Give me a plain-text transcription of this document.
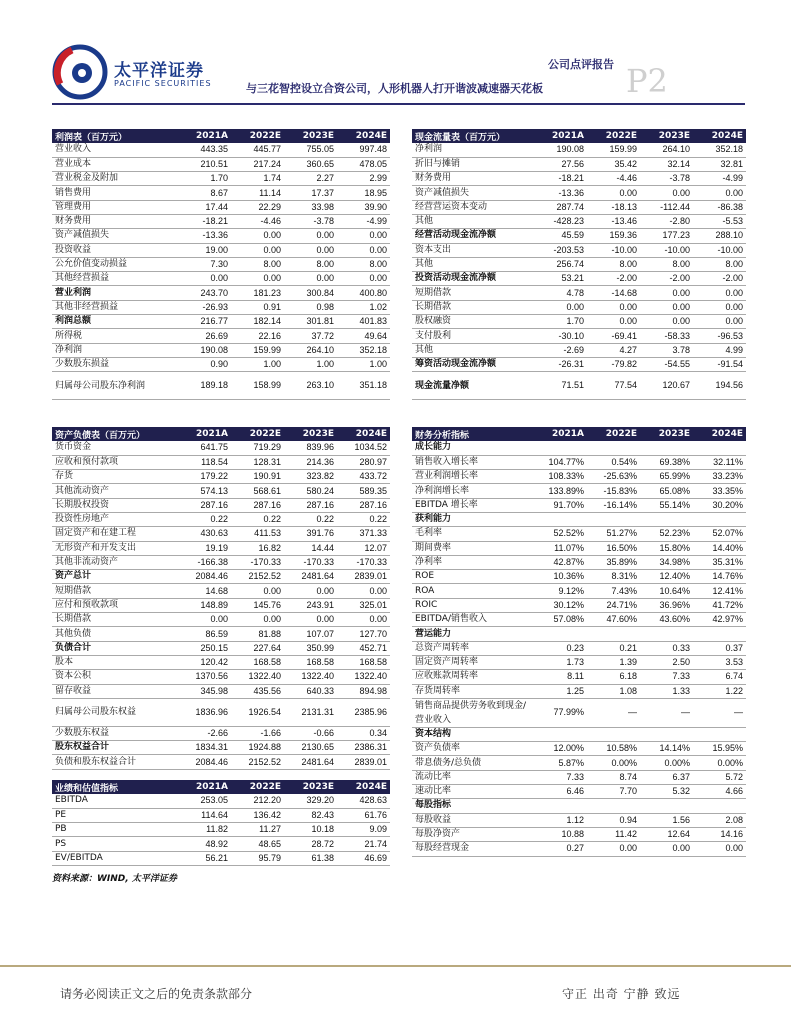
太平洋证券
PACIFIC SECURITIES
公司点评报告
与三花智控设立合资公司，人形机器人打开谐波减速器天花板	P2
利润表（百万元）	2021A	2022E	2023E	2024E
营业收入	443.35	445.77	755.05	997.48
营业成本	210.51	217.24	360.65	478.05
营业税金及附加	1.70	1.74	2.27	2.99
销售费用	8.67	11.14	17.37	18.95
管理费用	17.44	22.29	33.98	39.90
财务费用	-18.21	-4.46	-3.78	-4.99
资产减值损失	-13.36	0.00	0.00	0.00
投资收益	19.00	0.00	0.00	0.00
公允价值变动损益	7.30	8.00	8.00	8.00
其他经营损益	0.00	0.00	0.00	0.00
营业利润	243.70	181.23	300.84	400.80
其他非经营损益	-26.93	0.91	0.98	1.02
利润总额	216.77	182.14	301.81	401.83
所得税	26.69	22.16	37.72	49.64
净利润	190.08	159.99	264.10	352.18
少数股东损益	0.90	1.00	1.00	1.00
归属母公司股东净利润	189.18	158.99	263.10	351.18
现金流量表（百万元）	2021A	2022E	2023E	2024E
净利润	190.08	159.99	264.10	352.18
折旧与摊销	27.56	35.42	32.14	32.81
财务费用	-18.21	-4.46	-3.78	-4.99
资产减值损失	-13.36	0.00	0.00	0.00
经营营运资本变动	287.74	-18.13	-112.44	-86.38
其他	-428.23	-13.46	-2.80	-5.53
经营活动现金流净额	45.59	159.36	177.23	288.10
资本支出	-203.53	-10.00	-10.00	-10.00
其他	256.74	8.00	8.00	8.00
投资活动现金流净额	53.21	-2.00	-2.00	-2.00
短期借款	4.78	-14.68	0.00	0.00
长期借款	0.00	0.00	0.00	0.00
股权融资	1.70	0.00	0.00	0.00
支付股利	-30.10	-69.41	-58.33	-96.53
其他	-2.69	4.27	3.78	4.99
筹资活动现金流净额	-26.31	-79.82	-54.55	-91.54
现金流量净额	71.51	77.54	120.67	194.56
资产负债表（百万元）	2021A	2022E	2023E	2024E
货币资金	641.75	719.29	839.96	1034.52
应收和预付款项	118.54	128.31	214.36	280.97
存货	179.22	190.91	323.82	433.72
其他流动资产	574.13	568.61	580.24	589.35
长期股权投资	287.16	287.16	287.16	287.16
投资性房地产	0.22	0.22	0.22	0.22
固定资产和在建工程	430.63	411.53	391.76	371.33
无形资产和开发支出	19.19	16.82	14.44	12.07
其他非流动资产	-166.38	-170.33	-170.33	-170.33
资产总计	2084.46	2152.52	2481.64	2839.01
短期借款	14.68	0.00	0.00	0.00
应付和预收款项	148.89	145.76	243.91	325.01
长期借款	0.00	0.00	0.00	0.00
其他负债	86.59	81.88	107.07	127.70
负债合计	250.15	227.64	350.99	452.71
股本	120.42	168.58	168.58	168.58
资本公积	1370.56	1322.40	1322.40	1322.40
留存收益	345.98	435.56	640.33	894.98
归属母公司股东权益	1836.96	1926.54	2131.31	2385.96
少数股东权益	-2.66	-1.66	-0.66	0.34
股东权益合计	1834.31	1924.88	2130.65	2386.31
负债和股东权益合计	2084.46	2152.52	2481.64	2839.01
业绩和估值指标	2021A	2022E	2023E	2024E
EBITDA	253.05	212.20	329.20	428.63
PE	114.64	136.42	82.43	61.76
PB	11.82	11.27	10.18	9.09
PS	48.92	48.65	28.72	21.74
EV/EBITDA	56.21	95.79	61.38	46.69
财务分析指标	2021A	2022E	2023E	2024E
成长能力				
销售收入增长率	104.77%	0.54%	69.38%	32.11%
营业利润增长率	108.33%	-25.63%	65.99%	33.23%
净利润增长率	133.89%	-15.83%	65.08%	33.35%
EBITDA 增长率	91.70%	-16.14%	55.14%	30.20%
获利能力				
毛利率	52.52%	51.27%	52.23%	52.07%
期间费率	11.07%	16.50%	15.80%	14.40%
净利率	42.87%	35.89%	34.98%	35.31%
ROE	10.36%	8.31%	12.40%	14.76%
ROA	9.12%	7.43%	10.64%	12.41%
ROIC	30.12%	24.71%	36.96%	41.72%
EBITDA/销售收入	57.08%	47.60%	43.60%	42.97%
营运能力				
总资产周转率	0.23	0.21	0.33	0.37
固定资产周转率	1.73	1.39	2.50	3.53
应收账款周转率	8.11	6.18	7.33	6.74
存货周转率	1.25	1.08	1.33	1.22
销售商品提供劳务收到现金/营业收入	77.99%	—	—	—
资本结构				
资产负债率	12.00%	10.58%	14.14%	15.95%
带息债务/总负债	5.87%	0.00%	0.00%	0.00%
流动比率	7.33	8.74	6.37	5.72
速动比率	6.46	7.70	5.32	4.66
每股指标				
每股收益	1.12	0.94	1.56	2.08
每股净资产	10.88	11.42	12.64	14.16
每股经营现金	0.27	0.00	0.00	0.00
资料来源：WIND, 太平洋证券
请务必阅读正文之后的免责条款部分	守正 出奇 宁静 致远
